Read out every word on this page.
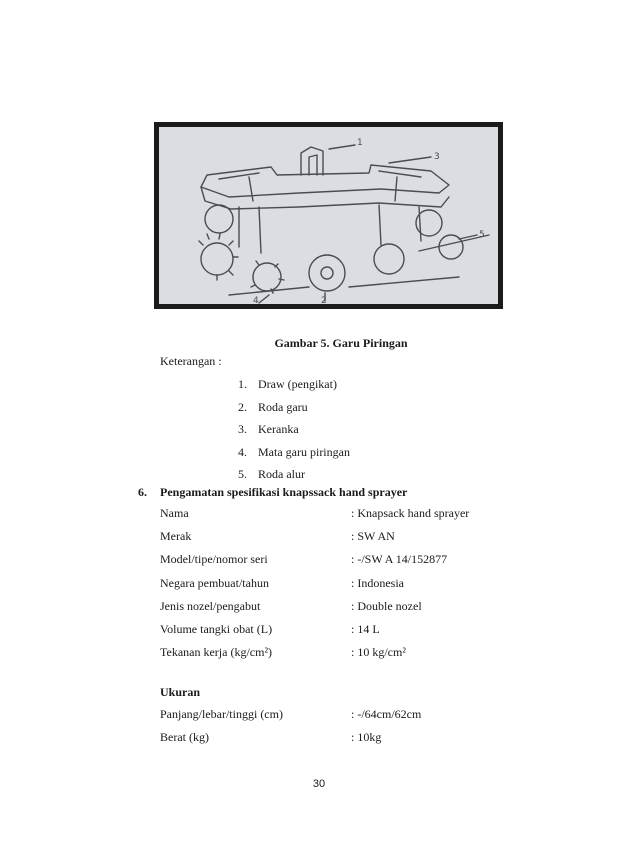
1
2
3
4
5
Gambar 5. Garu Piringan
Keterangan :
1. Draw (pengikat)
2. Roda garu
3. Keranka
4. Mata garu piringan
5. Roda alur
6. Pengamatan spesifikasi knapssack hand sprayer
Nama	: Knapsack hand sprayer
Merak	: SW AN
Model/tipe/nomor seri	: -/SW A 14/152877
Negara pembuat/tahun	: Indonesia
Jenis nozel/pengabut	: Double nozel
Volume tangki obat (L)	: 14 L
Tekanan kerja (kg/cm²)	: 10 kg/cm²
Ukuran
Panjang/lebar/tinggi (cm)	: -/64cm/62cm
Berat (kg)	: 10kg
30
